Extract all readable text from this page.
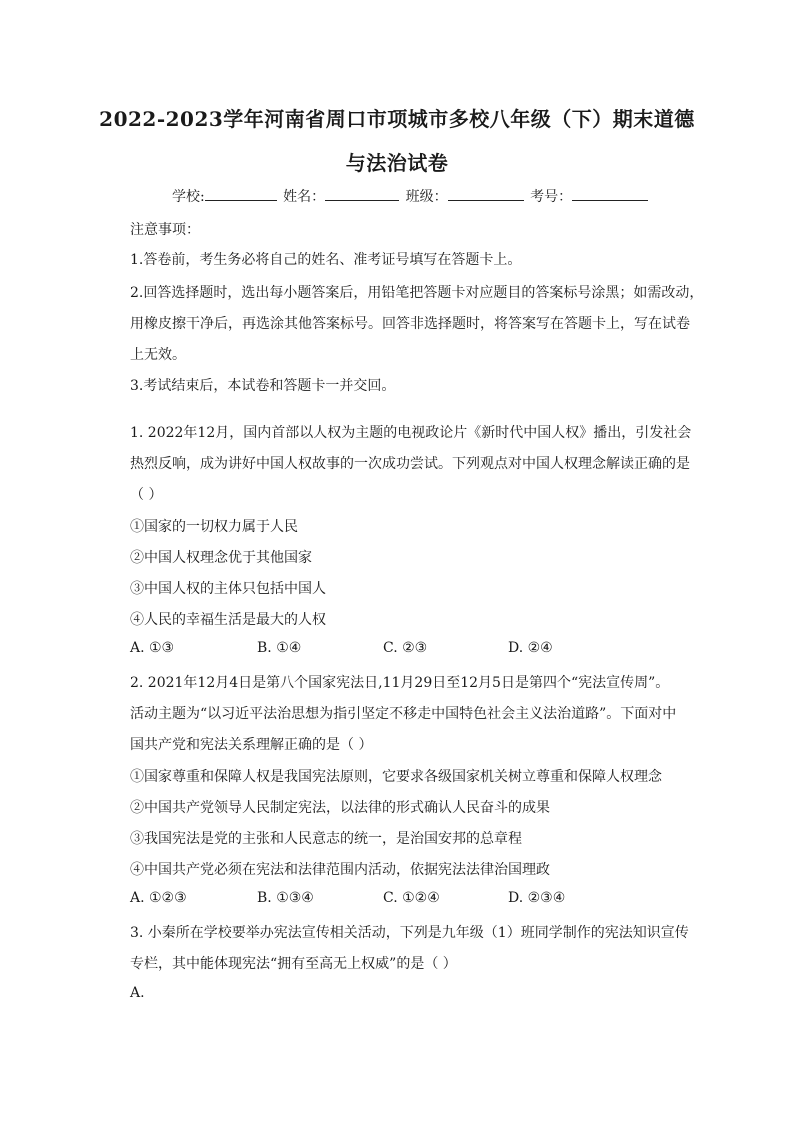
2022-2023学年河南省周口市项城市多校八年级（下）期末道德
与法治试卷
学校:	姓名：	班级：	考号：
注意事项：
1.答卷前，考生务必将自己的姓名、准考证号填写在答题卡上。
2.回答选择题时，选出每小题答案后，用铅笔把答题卡对应题目的答案标号涂黑；如需改动，
用橡皮擦干净后，再选涂其他答案标号。回答非选择题时，将答案写在答题卡上，写在试卷
上无效。
3.考试结束后，本试卷和答题卡一并交回。
1. 2022年12月，国内首部以人权为主题的电视政论片《新时代中国人权》播出，引发社会
热烈反响，成为讲好中国人权故事的一次成功尝试。下列观点对中国人权理念解读正确的是
（ ）
①国家的一切权力属于人民
②中国人权理念优于其他国家
③中国人权的主体只包括中国人
④人民的幸福生活是最大的人权
A. ①③	B. ①④	C. ②③	D. ②④
2. 2021年12月4日是第八个国家宪法日,11月29日至12月5日是第四个“宪法宣传周”。
活动主题为“以习近平法治思想为指引坚定不移走中国特色社会主义法治道路”。下面对中
国共产党和宪法关系理解正确的是（ ）
①国家尊重和保障人权是我国宪法原则，它要求各级国家机关树立尊重和保障人权理念
②中国共产党领导人民制定宪法，以法律的形式确认人民奋斗的成果
③我国宪法是党的主张和人民意志的统一，是治国安邦的总章程
④中国共产党必须在宪法和法律范围内活动，依据宪法法律治国理政
A. ①②③	B. ①③④	C. ①②④	D. ②③④
3. 小秦所在学校要举办宪法宣传相关活动，下列是九年级（1）班同学制作的宪法知识宣传
专栏，其中能体现宪法“拥有至高无上权威”的是（ ）
A.
